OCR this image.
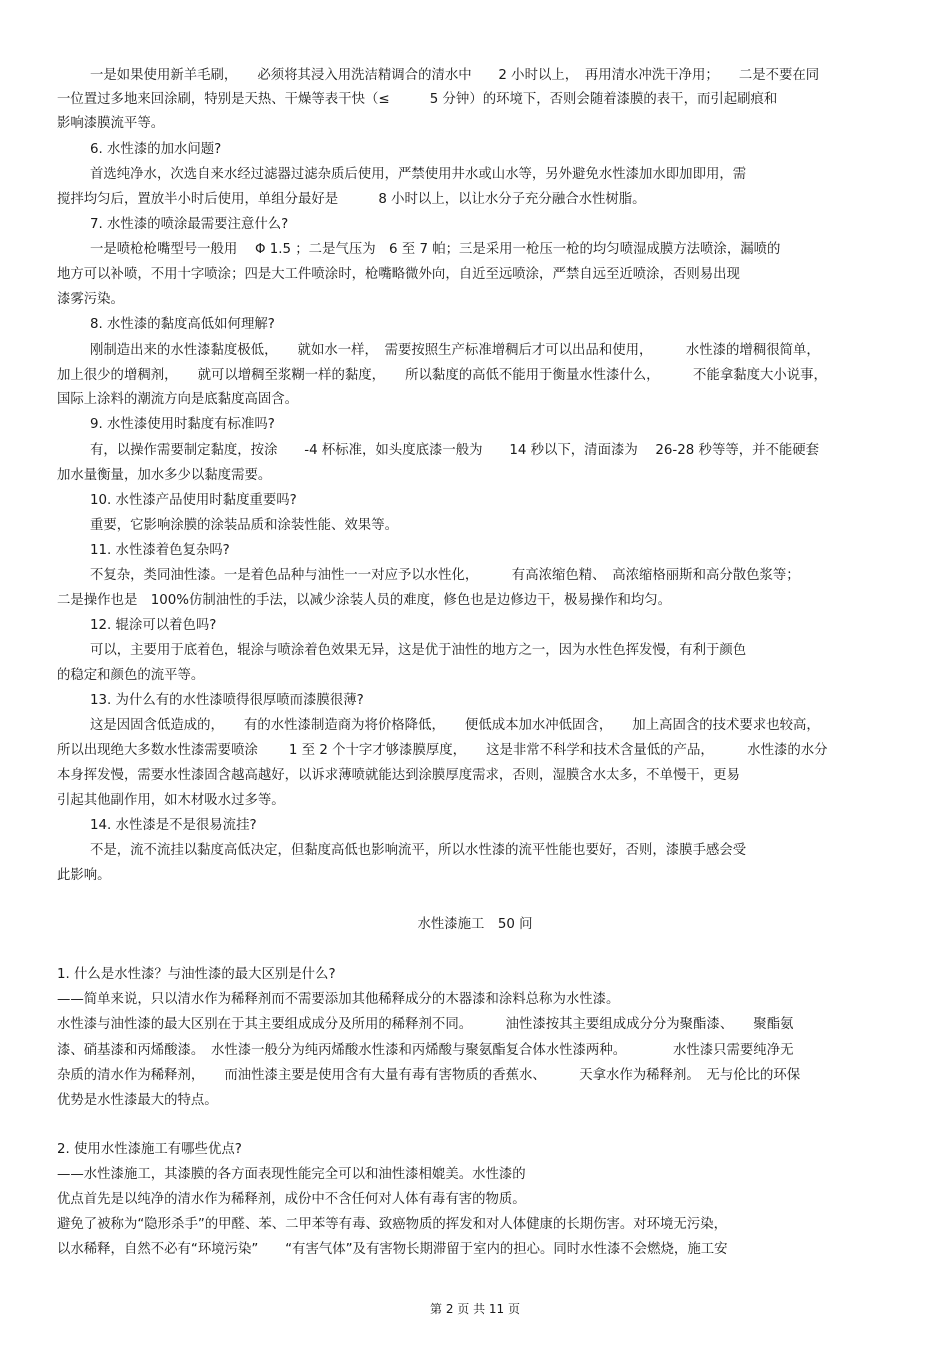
一是如果使用新羊毛刷，　　必须将其浸入用洗洁精调合的清水中　　2 小时以上，　再用清水冲洗干净用；　　二是不要在同
一位置过多地来回涂刷，特别是天热、干燥等表干快（≤　　　5 分钟）的环境下，否则会随着漆膜的表干，而引起刷痕和
影响漆膜流平等。
6. 水性漆的加水问题?
首选纯净水，次选自来水经过滤器过滤杂质后使用，严禁使用井水或山水等，另外避免水性漆加水即加即用，需
搅拌均匀后，置放半小时后使用，单组分最好是　　　8 小时以上，以让水分子充分融合水性树脂。
7. 水性漆的喷涂最需要注意什么?
一是喷枪枪嘴型号一般用　 Φ 1.5 ；二是气压为　6 至 7 帕；三是采用一枪压一枪的均匀喷湿成膜方法喷涂，漏喷的
地方可以补喷，不用十字喷涂；四是大工件喷涂时，枪嘴略微外向，自近至远喷涂，严禁自远至近喷涂，否则易出现
漆雾污染。
8. 水性漆的黏度高低如何理解?
刚制造出来的水性漆黏度极低，　　就如水一样，　需要按照生产标准增稠后才可以出品和使用，　　　水性漆的增稠很简单，
加上很少的增稠剂，　　就可以增稠至浆糊一样的黏度，　　所以黏度的高低不能用于衡量水性漆什么，　　　不能拿黏度大小说事，
国际上涂料的潮流方向是底黏度高固含。
9. 水性漆使用时黏度有标准吗?
有，以操作需要制定黏度，按涂　　-4 杯标准，如头度底漆一般为　　14 秒以下，清面漆为　 26-28 秒等等，并不能硬套
加水量衡量，加水多少以黏度需要。
10. 水性漆产品使用时黏度重要吗?
重要，它影响涂膜的涂装品质和涂装性能、效果等。
11. 水性漆着色复杂吗?
不复杂，类同油性漆。一是着色品种与油性一一对应予以水性化，　　　有高浓缩色精、　高浓缩格丽斯和高分散色浆等；
二是操作也是　100%仿制油性的手法，以减少涂装人员的难度，修色也是边修边干，极易操作和均匀。
12. 辊涂可以着色吗?
可以，主要用于底着色，辊涂与喷涂着色效果无异，这是优于油性的地方之一，因为水性色挥发慢，有利于颜色
的稳定和颜色的流平等。
13. 为什么有的水性漆喷得很厚喷而漆膜很薄?
这是因固含低造成的，　　有的水性漆制造商为将价格降低，　　便低成本加水冲低固含，　　加上高固含的技术要求也较高，
所以出现绝大多数水性漆需要喷涂　　 1 至 2 个十字才够漆膜厚度，　　这是非常不科学和技术含量低的产品，　　　水性漆的水分
本身挥发慢，需要水性漆固含越高越好，以诉求薄喷就能达到涂膜厚度需求，否则，湿膜含水太多，不单慢干，更易
引起其他副作用，如木材吸水过多等。
14. 水性漆是不是很易流挂?
不是，流不流挂以黏度高低决定，但黏度高低也影响流平，所以水性漆的流平性能也要好，否则，漆膜手感会受
此影响。
水性漆施工　50 问
1. 什么是水性漆？与油性漆的最大区别是什么?
——简单来说，只以清水作为稀释剂而不需要添加其他稀释成分的木器漆和涂料总称为水性漆。
水性漆与油性漆的最大区别在于其主要组成成分及所用的稀释剂不同。　　　油性漆按其主要组成成分分为聚酯漆、　　聚酯氨
漆、硝基漆和丙烯酸漆。　水性漆一般分为纯丙烯酸水性漆和丙烯酸与聚氨酯复合体水性漆两种。　　　　水性漆只需要纯净无
杂质的清水作为稀释剂，　　而油性漆主要是使用含有大量有毒有害物质的香蕉水、　　　天拿水作为稀释剂。　无与伦比的环保
优势是水性漆最大的特点。
2. 使用水性漆施工有哪些优点?
——水性漆施工，其漆膜的各方面表现性能完全可以和油性漆相媲美。水性漆的
优点首先是以纯净的清水作为稀释剂，成份中不含任何对人体有毒有害的物质。
避免了被称为“隐形杀手”的甲醛、苯、二甲苯等有毒、致癌物质的挥发和对人体健康的长期伤害。对环境无污染，
以水稀释，自然不必有“环境污染”　　“有害气体”及有害物长期滞留于室内的担心。同时水性漆不会燃烧，施工安
第 2 页 共 11 页
